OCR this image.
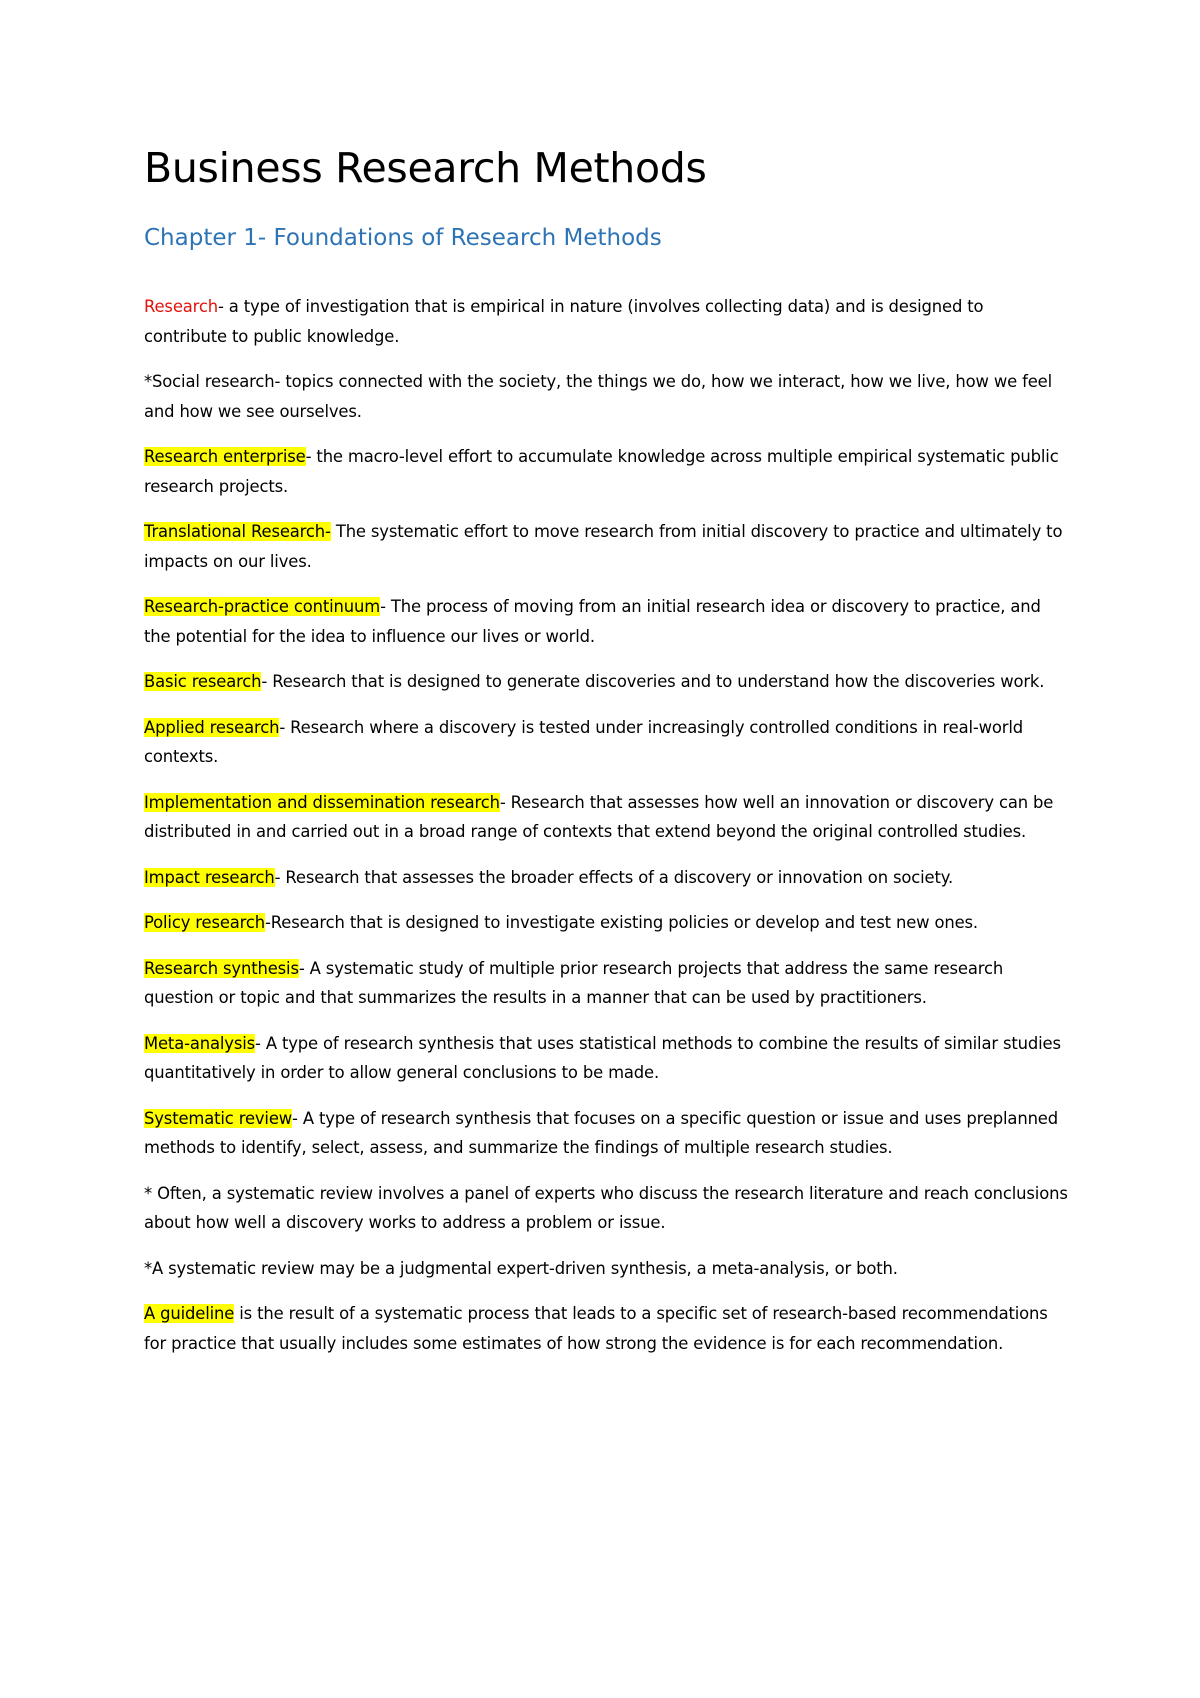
Business Research Methods
Chapter 1- Foundations of Research Methods

Research- a type of investigation that is empirical in nature (involves collecting data) and is designed to contribute to public knowledge.

*Social research- topics connected with the society, the things we do, how we interact, how we live, how we feel and how we see ourselves.

Research enterprise- the macro-level effort to accumulate knowledge across multiple empirical systematic public research projects.

Translational Research- The systematic effort to move research from initial discovery to practice and ultimately to impacts on our lives.

Research-practice continuum- The process of moving from an initial research idea or discovery to practice, and the potential for the idea to influence our lives or world.

Basic research- Research that is designed to generate discoveries and to understand how the discoveries work.

Applied research- Research where a discovery is tested under increasingly controlled conditions in real-world contexts.

Implementation and dissemination research- Research that assesses how well an innovation or discovery can be distributed in and carried out in a broad range of contexts that extend beyond the original controlled studies.

Impact research- Research that assesses the broader effects of a discovery or innovation on society.

Policy research-Research that is designed to investigate existing policies or develop and test new ones.

Research synthesis- A systematic study of multiple prior research projects that address the same research question or topic and that summarizes the results in a manner that can be used by practitioners.

Meta-analysis- A type of research synthesis that uses statistical methods to combine the results of similar studies quantitatively in order to allow general conclusions to be made.

Systematic review- A type of research synthesis that focuses on a specific question or issue and uses preplanned methods to identify, select, assess, and summarize the findings of multiple research studies.

* Often, a systematic review involves a panel of experts who discuss the research literature and reach conclusions about how well a discovery works to address a problem or issue.

*A systematic review may be a judgmental expert-driven synthesis, a meta-analysis, or both.

A guideline is the result of a systematic process that leads to a specific set of research-based recommendations for practice that usually includes some estimates of how strong the evidence is for each recommendation.
